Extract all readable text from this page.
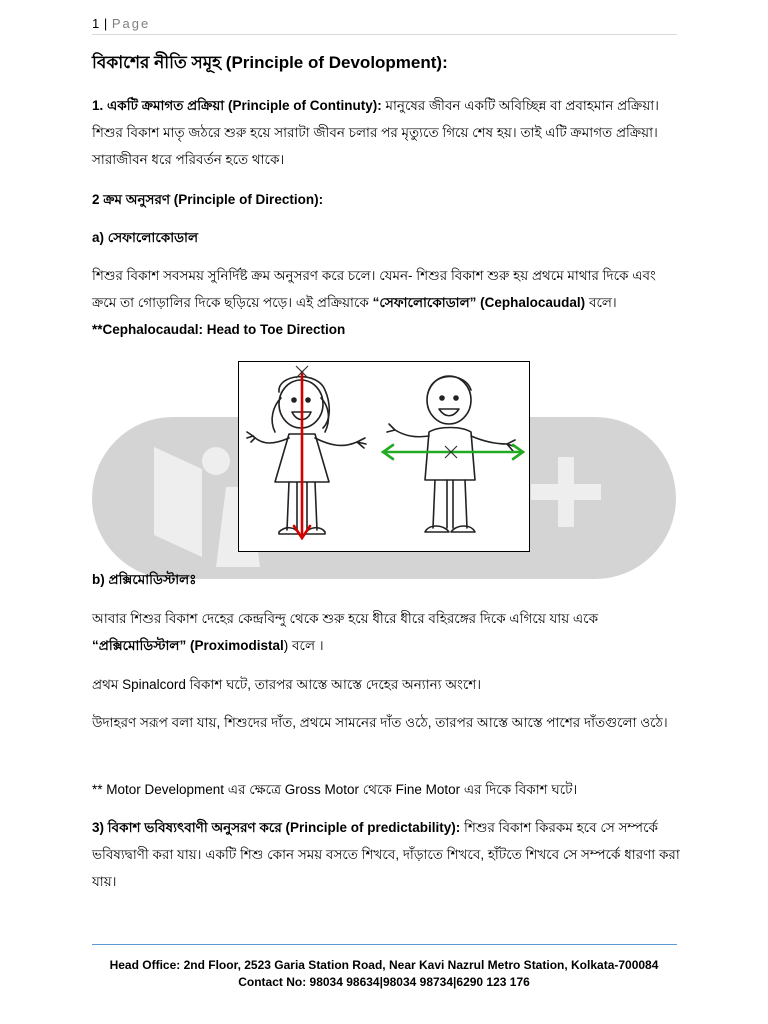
1 | Page
বিকাশের নীতি সমূহ (Principle of Devolopment):
1. একটি ক্রমাগত প্রক্রিয়া (Principle of Continuty): মানুষের জীবন একটি অবিচ্ছিন্ন বা প্রবাহমান প্রক্রিয়া। শিশুর বিকাশ মাতৃ জঠরে শুরু হয়ে সারাটা জীবন চলার পর মৃত্যুতে গিয়ে শেষ হয়। তাই এটি ক্রমাগত প্রক্রিয়া। সারাজীবন ধরে পরিবর্তন হতে থাকে।
2 ক্রম অনুসরণ (Principle of Direction):
a) সেফালোকোডাল
শিশুর বিকাশ সবসময় সুনির্দিষ্ট ক্রম অনুসরণ করে চলে। যেমন- শিশুর বিকাশ শুরু হয় প্রথমে মাথার দিকে এবং ক্রমে তা গোড়ালির দিকে ছড়িয়ে পড়ে। এই প্রক্রিয়াকে “সেফালোকোডাল” (Cephalocaudal) বলে। **Cephalocaudal: Head to Toe Direction
b) প্রক্সিমোডিস্টালঃ
আবার শিশুর বিকাশ দেহের কেন্দ্রবিন্দু থেকে শুরু হয়ে ধীরে ধীরে বহিরঙ্গের দিকে এগিয়ে যায় একে “প্রক্সিমোডিস্টাল” (Proximodistal) বলে ।
প্রথম Spinalcord বিকাশ ঘটে, তারপর আস্তে আস্তে দেহের অন্যান্য অংশে।
উদাহরণ সরূপ বলা যায়, শিশুদের দাঁত, প্রথমে সামনের দাঁত ওঠে, তারপর আস্তে আস্তে পাশের দাঁতগুলো ওঠে।
** Motor Development এর ক্ষেত্রে Gross Motor থেকে Fine Motor এর দিকে বিকাশ ঘটে।
3) বিকাশ ভবিষ্যৎবাণী অনুসরণ করে (Principle of predictability): শিশুর বিকাশ কিরকম হবে সে সম্পর্কে ভবিষ্যদ্বাণী করা যায়। একটি শিশু কোন সময় বসতে শিখবে, দাঁড়াতে শিখবে, হাঁটতে শিখবে সে সম্পর্কে ধারণা করা যায়।
Head Office: 2nd Floor, 2523 Garia Station Road, Near Kavi Nazrul Metro Station, Kolkata-700084
Contact No: 98034 98634|98034 98734|6290 123 176
